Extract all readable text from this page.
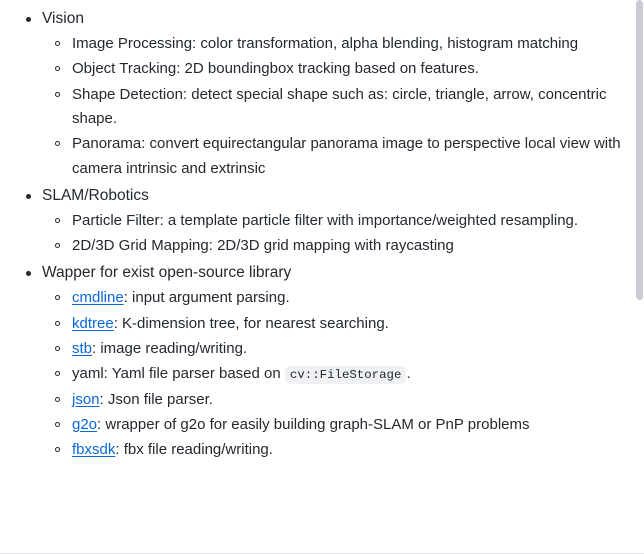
Vision
Image Processing: color transformation, alpha blending, histogram matching
Object Tracking: 2D boundingbox tracking based on features.
Shape Detection: detect special shape such as: circle, triangle, arrow, concentric shape.
Panorama: convert equirectangular panorama image to perspective local view with camera intrinsic and extrinsic
SLAM/Robotics
Particle Filter: a template particle filter with importance/weighted resampling.
2D/3D Grid Mapping: 2D/3D grid mapping with raycasting
Wapper for exist open-source library
cmdline: input argument parsing.
kdtree: K-dimension tree, for nearest searching.
stb: image reading/writing.
yaml: Yaml file parser based on cv::FileStorage .
json: Json file parser.
g2o: wrapper of g2o for easily building graph-SLAM or PnP problems
fbxsdk: fbx file reading/writing.
